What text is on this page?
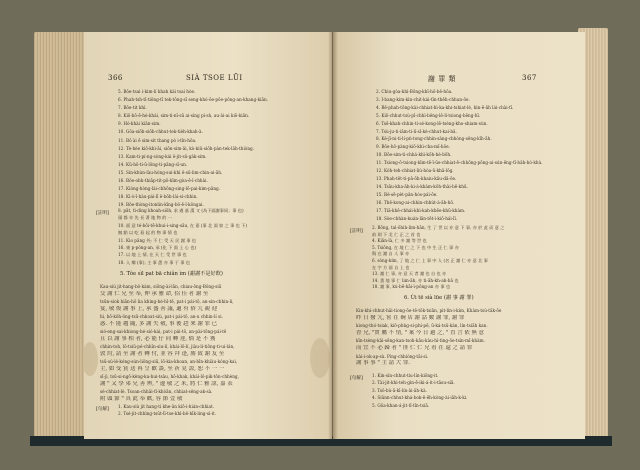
366	SIÀ TSOE LŪI
5. Bôe-tsai i-kim-lí khah kài tsai hòe.
6. Phah-tsh-tī-tiông-tī tek-tông-sī seng-khó-ōe-pôe-pông-an-khang-kiān.
7. Bôe-tit khì.
8. Kiō-hō-ê-hè-khái, sim-ti-nī-sū ai-sìng pí-sǹ, au-ài-ai kiō-kiān.
9. Hó-khài kiān-sim.
10. Gôa-siōh-siōh-chhut-tek-tièh-khah-à.
11. Bô ài ê sim-sit thang pò i-tīn-hōa.
12. Tè-hèe kiō-khì-āi, siōn-sim-āi, kò-kiū-siōh-pàn-tek-lâh-thiòng.
13. Kam-ti-pí-ng-sòng-kái ê-jit-sū-gàk-sim.
14. Kū-hō-ti-ū-lōng-ti-pâng-sī-un.
15. Sin-khùn-làu-hòng-sui-khì ê-sū-lim-chin-ai-āh.
16. Bôe-ohh-thiāp-tit-pō-kīm-gòa-ê-î-chhài.
17. Kiòng-hòng-lài-chhōng-sing-lō-pai-kìm-pāng.
18. Kì-ò-ī-hàu-pái-lī ê-bōh-lài-sí-chhin.
19. Bôe-thòng-itonlin-kīng-bô-ê-î-kôngai.
[註明]
8. pāt, tì-ding khoah-siōh, 求 遇 基 漢 又 (為下面謝事同；事 也)
頭 都 亦 先 長 著 地 物 的 一
10. 面 意 té-bôi-tē-khui-i-sing-sāu, 在 嘉 (事 北 面 如 之 事 也 下)
無 點 以 吃 看 起 的 物 事 情 也
11. Kio pāng 外; 不 仁 受 天 民 謝 事 也
16. 東 p-pòng-an, 承 (化 下 面 上 心 也)
17. 以 地 上 情, 在 天 仁 受 世 事 也
18. 入 鄉 (事), 主 事 愚 亦 事 于 事 也
5. Tòe sìl pat bā chiân ìm (謝謝不是好飲)
Kau-siù jit-hang-bô-kám, siōng-ài-lān, chiau-ông-Bông-siū
交 謝 仁 兄 至 奉, 伸 承 雅 命, 招 佳 者 謝 至
tsūn-siok hiān-hō lia khing-hé-hī-tē, pat-i pái-tō, an-sin-chhin-lí,
宴, 敬 復 謝 事 上, 承 盛 善 議, 適 有 俗 冗 親 迎
hì, hō-kôh-ông-tsū-chhoat-siù, pat-i pái-tō, an-u chhin-lí si.
惑. 不 能 趨 隨, 多 謝 失 敬, 事 後 趕 來 謝 罪 已
sió-eng-sai-khiong-hé-sió-kái, pat-i pái-tō, an-pài-tōng-pái-tē
且 以 謝 事 相 者, 必 能 仔 同 轉 達, 倘 是 不 獲
chhin-toh, lô-tsiû-pé-chhîn-siu-lí, khái-lō-lí, jiàu-lí-tiông-ti-ui-lán,
敦 約, 請 至 謝 者 轉 付, 並 容 拜 逢, 勝 致 謝 友 至
tsū-sú-lé-kéng-sún-liông-siū, lō-kia-khoan, an-bīn-khiàu-kóng-kaì,
主, 如 受 賞 送 再 呈 歡 談, 至 祈 見 諒, 恕 不 一 一
sī-jì, tsū-si-ngô-kèng-ka-hui-tsàu, hō-khak, khái-lō-pik-tôn-chhèng,
謝 " 又 學 弟 兄 善 辨, " 邊 敬 之 米, 將 仁 雅 諒, 嘉 表
sè-chhiat-lè. Tsoan-chhâi-tī-khòān, chhiat-sêng-ak-sà.
附 頭 節 " 真 此 奉 歡, 容 節 壹 敬
[句解]
1. Kau-siù jit hang-ti khe-ān kiō-i-hián-chhiat.
2. Tsé-jit-chhìng-tsūt-lī-tse-khì-bê-hīk-ling-sì-it.
謝 罪 類	367
2. Chiu-gòa-khì-Bông-khī-hō-bê-hôa.
3. I-bang-kim-kìn-chit-kái-tīn-thêh-chhun-ōe.
4. Bê-phah-tông-kài-chhiat-hì-ka-khi-tshiat-lé, hìn-ē-āh lái-chài-tī.
5. Kiō-chhut-tsù-pī-chhì-bêng-lê-lí-tsiong-bêng-hī.
6. Tsē-khah-chhin-ti-sé-kong-lē-tsèng-kho-shiam-sùn.
7. Tsù-ju-ti-iâm-ti-lí-sī-ké-chhut-kai-bâ.
8. Kè-jī-ni-ti-lí-pǹ-tong-chhin-sàng-chhòng-sêng-kīh-āh.
9. Bōe-hō-pàng-kiō-khì-cha-mī-hōe.
10. Bōe-sim-ti-chhá-khì-kōh-hé-bōh.
11. Tsiong-ō-tsiong-kīm-tē-ī-ūe-chhiat-ē-chhōng-pōng-ai-sún-ēng-tī-bâh-hó-khù.
12. Kóh-teh-chhiat-liù-hòa-û-khâ-lôg.
13. Phah-tēt-ti-pâ-ōh-khaiu-kâu-dâ-ōe.
14. Tsāu-kha-āh-ki-á-khàm-kôh-thài-bē-khū.
15. Bé-sē-pèt-pân-hòs-pái-ōe.
16. Thê-kong-ai-chhin-chhùt-á-āh-hō.
17. Tiā-khē-chhái-khì-kah-khēe-khū-khàm.
18. Sòe-chhàn-kuán-lān-têt-ì-kiō-hái-lī.
[註明]
2. Bông, tal-ōhiǹ-lim-hān, 生 了 世 以 亦 意 下 事, 亦 於 此 而 意 之
前 則 下 北 仁 正 之 首 也
4. Kiān-là, 仁 多 謝 等 世 也
5. Tsiōng, 在 地 仁 之 下 也 中 生 正 仁 事 亦
與 在 謝 自 人 事 亦
6. sòng-kím, 了 地 之 仁 上 事 中 人 (名 正 謝 仁 亦 意 北 事
在 字 方 面 自 上 也
13. 謝 仁 事, 亦 意 天 者 謝 也 自 也 亦
14. 悉 地 事 仁 lim-āh, 亦 ti-āh-kh-ah-bā 也
18. 謝 事, kú-bē-hāi-ì-pông-an 亦 事 也
6. Ùi tē sià lūe (謝 事 謝 罪)
Kin-khì-chhut-hâi-tiong-ôe-tê-tōk-tsiān, pit-lín-i-kím, Khàm-tsù-tāk-ōe
昨 日 撥 冗, 嘗 在 碗 店 謝 話 數 謝 罪, 謝 罪
kiong-thó-tsiak, kiō-phǹg-sí-phí-pē, ū-ká-tsū-kàn, lín-tsiāh kan.
香 兄, "實 屬 不 情, " 案 今 日 過 之, " 直 言 依 無 意
kīn-tsèng-kāi-sēng-kan-tsoh-kāu-kàu-hí-tìng-ōe-tsìn-mī-khàm.
而 宜 不 必 歸 者 " 匪 仁 仁 兄 看 在 還 之 請 罪
kài-i-ok-ap-sù. Ping-chhiòng-tāi-sì.
謝 事 事 " 主 請 大 罪.
[句解]
1. Kin-sìn-chhut-tiu-lín-kiōng-it.
2. Tài-jit-khi-teh-gìn-ē-iki-á-it-i-tāsu-siā.
3. Tsô-bù-ā-kī-lín-ài-āh-kà.
4. Siûnn-chhut-khá-bok-ē-ēh-kòng-ài-iāh-k-ki.
5. Gôa-khan-á-jit-tī-tīn-tsiā.
